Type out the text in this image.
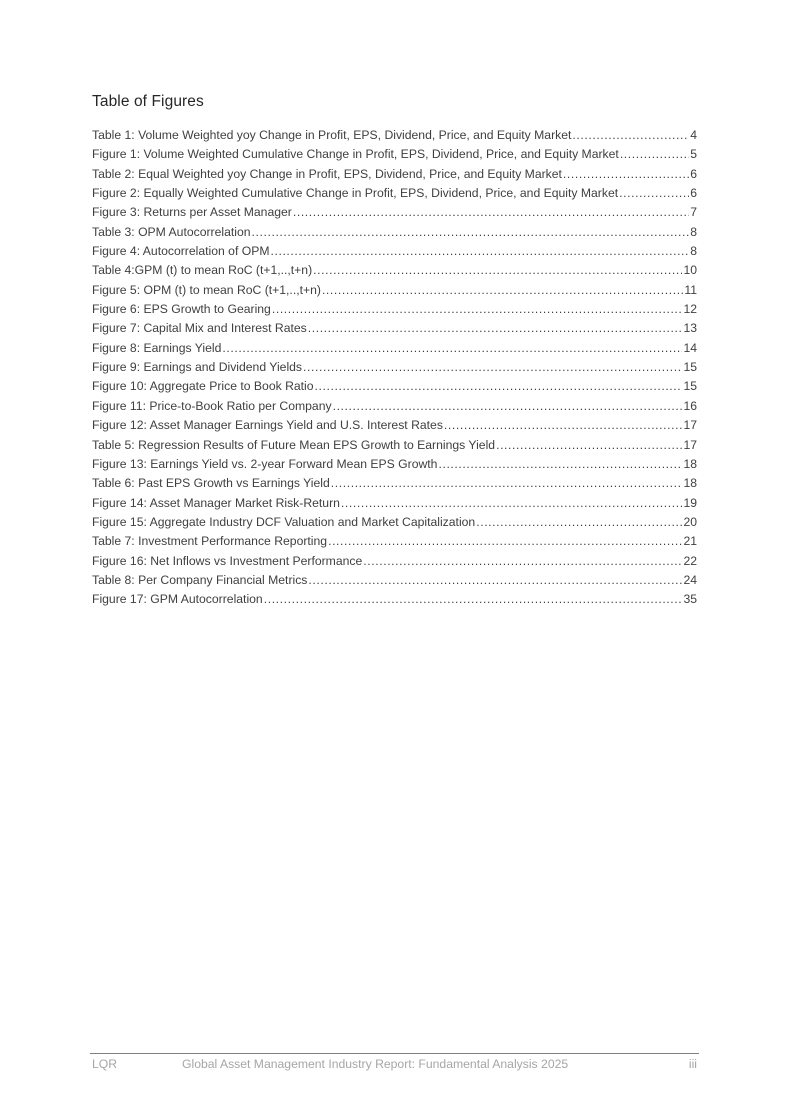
Table of Figures
Table 1: Volume Weighted yoy Change in Profit, EPS, Dividend, Price, and Equity Market .....	4
Figure 1: Volume Weighted Cumulative Change in Profit, EPS, Dividend, Price, and Equity Market .....	5
Table 2: Equal Weighted yoy Change in Profit, EPS, Dividend, Price, and Equity Market .....	6
Figure 2: Equally Weighted Cumulative Change in Profit, EPS, Dividend, Price, and Equity Market .....	6
Figure 3: Returns per Asset Manager .....	7
Table 3: OPM Autocorrelation .....	8
Figure 4: Autocorrelation of OPM .....	8
Table 4:GPM (t) to mean RoC (t+1,..,t+n) .....	10
Figure 5: OPM (t) to mean RoC (t+1,..,t+n) .....	11
Figure 6: EPS Growth to Gearing .....	12
Figure 7: Capital Mix and Interest Rates .....	13
Figure 8: Earnings Yield .....	14
Figure 9: Earnings and Dividend Yields .....	15
Figure 10: Aggregate Price to Book Ratio .....	15
Figure 11: Price-to-Book Ratio per Company .....	16
Figure 12: Asset Manager Earnings Yield and U.S. Interest Rates .....	17
Table 5: Regression Results of Future Mean EPS Growth to Earnings Yield .....	17
Figure 13: Earnings Yield vs. 2-year Forward Mean EPS Growth .....	18
Table 6: Past EPS Growth vs Earnings Yield .....	18
Figure 14: Asset Manager Market Risk-Return .....	19
Figure 15: Aggregate Industry DCF Valuation and Market Capitalization .....	20
Table 7: Investment Performance Reporting .....	21
Figure 16: Net Inflows vs Investment Performance .....	22
Table 8: Per Company Financial Metrics .....	24
Figure 17: GPM Autocorrelation .....	35
LQR	Global Asset Management Industry Report: Fundamental Analysis 2025	iii
